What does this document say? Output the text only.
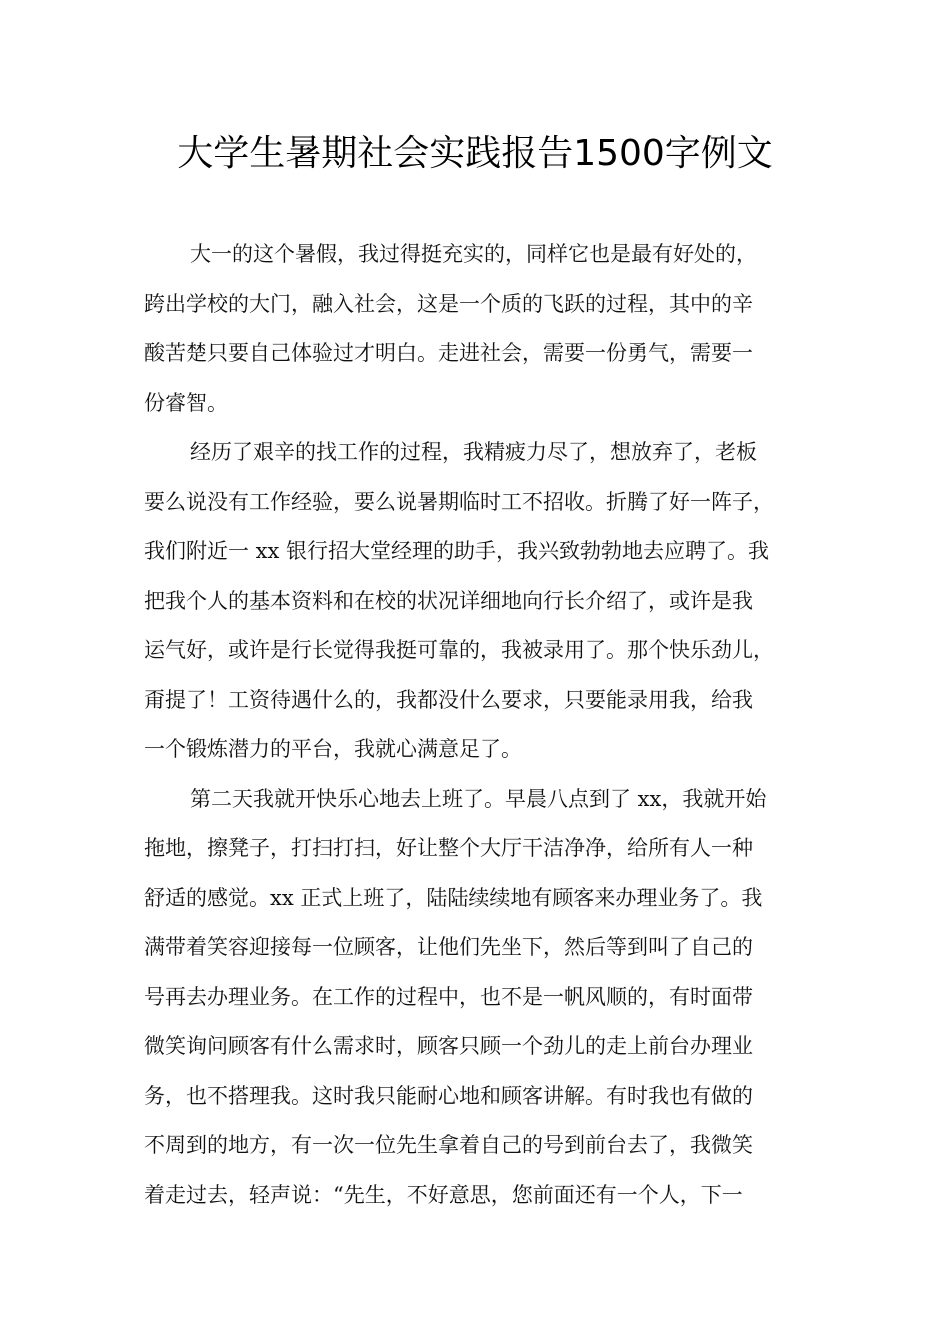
大学生暑期社会实践报告1500字例文
大一的这个暑假，我过得挺充实的，同样它也是最有好处的，
跨出学校的大门，融入社会，这是一个质的飞跃的过程，其中的辛
酸苦楚只要自己体验过才明白。走进社会，需要一份勇气，需要一
份睿智。
经历了艰辛的找工作的过程，我精疲力尽了，想放弃了，老板
要么说没有工作经验，要么说暑期临时工不招收。折腾了好一阵子，
我们附近一 xx 银行招大堂经理的助手，我兴致勃勃地去应聘了。我
把我个人的基本资料和在校的状况详细地向行长介绍了，或许是我
运气好，或许是行长觉得我挺可靠的，我被录用了。那个快乐劲儿，
甭提了！工资待遇什么的，我都没什么要求，只要能录用我，给我
一个锻炼潜力的平台，我就心满意足了。
第二天我就开快乐心地去上班了。早晨八点到了 xx，我就开始
拖地，擦凳子，打扫打扫，好让整个大厅干洁净净，给所有人一种
舒适的感觉。xx 正式上班了，陆陆续续地有顾客来办理业务了。我
满带着笑容迎接每一位顾客，让他们先坐下，然后等到叫了自己的
号再去办理业务。在工作的过程中，也不是一帆风顺的，有时面带
微笑询问顾客有什么需求时，顾客只顾一个劲儿的走上前台办理业
务，也不搭理我。这时我只能耐心地和顾客讲解。有时我也有做的
不周到的地方，有一次一位先生拿着自己的号到前台去了，我微笑
着走过去，轻声说：“先生，不好意思，您前面还有一个人，下一
